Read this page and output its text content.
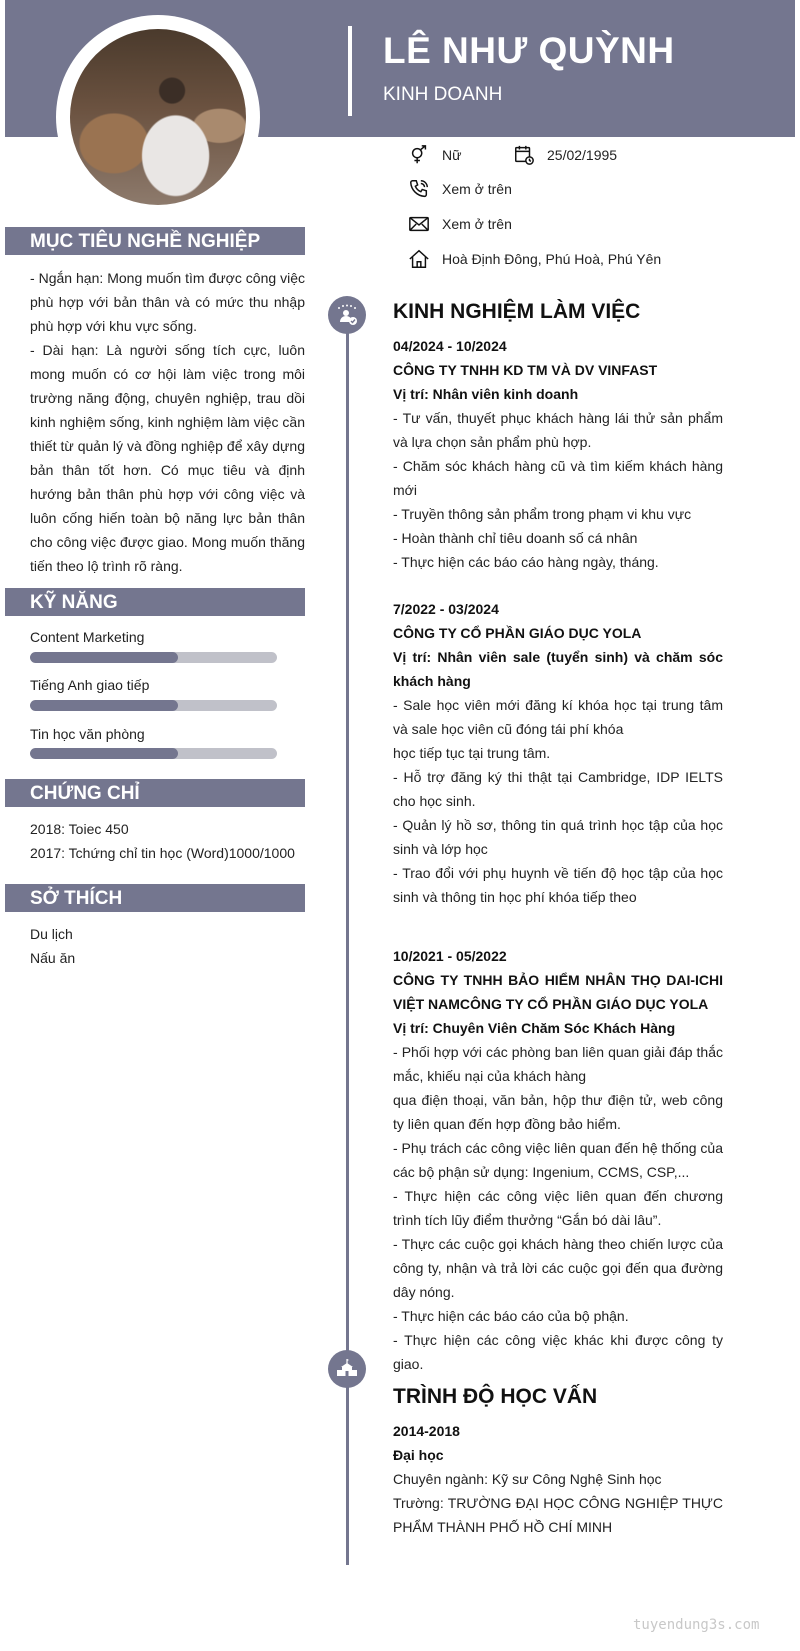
LÊ NHƯ QUỲNH
KINH DOANH
Nữ	25/02/1995
Xem ở trên
Xem ở trên
Hoà Định Đông, Phú Hoà, Phú Yên
MỤC TIÊU NGHỀ NGHIỆP

- Ngắn hạn: Mong muốn tìm được công việc phù hợp với bản thân và có mức thu nhập phù hợp với khu vực sống.

- Dài hạn: Là người sống tích cực, luôn mong muốn có cơ hội làm việc trong môi trường năng động, chuyên nghiệp, trau dồi kinh nghiệm sống, kinh nghiệm làm việc cần thiết từ quản lý và đồng nghiệp để xây dựng bản thân tốt hơn. Có mục tiêu và định hướng bản thân phù hợp với công việc và luôn cống hiến toàn bộ năng lực bản thân cho công việc được giao. Mong muốn thăng tiến theo lộ trình rõ ràng.

KỸ NĂNG
Content Marketing
Tiếng Anh giao tiếp
Tin học văn phòng
CHỨNG CHỈ
2018: Toiec 450
2017: Tchứng chỉ tin học (Word)1000/1000
SỞ THÍCH
Du lịch
Nấu ăn
KINH NGHIỆM LÀM VIỆC
04/2024 - 10/2024
CÔNG TY TNHH KD TM VÀ DV VINFAST
Vị trí: Nhân viên kinh doanh

- Tư vấn, thuyết phục khách hàng lái thử sản phẩm và lựa chọn sản phẩm phù hợp.

- Chăm sóc khách hàng cũ và tìm kiếm khách hàng mới

- Truyền thông sản phẩm trong phạm vi khu vực

- Hoàn thành chỉ tiêu doanh số cá nhân

- Thực hiện các báo cáo hàng ngày, tháng.

7/2022 - 03/2024
CÔNG TY CỔ PHẦN GIÁO DỤC YOLA

Vị trí: Nhân viên sale (tuyển sinh) và chăm sóc khách hàng

- Sale học viên mới đăng kí khóa học tại trung tâm và sale học viên cũ đóng tái phí khóa

học tiếp tục tại trung tâm.

- Hỗ trợ đăng ký thi thật tại Cambridge, IDP IELTS cho học sinh.

- Quản lý hồ sơ, thông tin quá trình học tập của học sinh và lớp học

- Trao đổi với phụ huynh về tiến độ học tập của học sinh và thông tin học phí khóa tiếp theo

10/2021 - 05/2022

CÔNG TY TNHH BẢO HIỂM NHÂN THỌ DAI-ICHI VIỆT NAMCÔNG TY CỔ PHẦN GIÁO DỤC YOLA

Vị trí: Chuyên Viên Chăm Sóc Khách Hàng

- Phối hợp với các phòng ban liên quan giải đáp thắc mắc, khiếu nại của khách hàng

qua điện thoại, văn bản, hộp thư điện tử, web công ty liên quan đến hợp đồng bảo hiểm.

- Phụ trách các công việc liên quan đến hệ thống của các bộ phận sử dụng: Ingenium, CCMS, CSP,...

- Thực hiện các công việc liên quan đến chương trình tích lũy điểm thưởng “Gắn bó dài lâu”.

- Thực các cuộc gọi khách hàng theo chiến lược của công ty, nhận và trả lời các cuộc gọi đến qua đường dây nóng.

- Thực hiện các báo cáo của bộ phận.

- Thực hiện các công việc khác khi được công ty giao.

TRÌNH ĐỘ HỌC VẤN
2014-2018
Đại học

Chuyên ngành: Kỹ sư Công Nghệ Sinh học

Trường: TRƯỜNG ĐẠI HỌC CÔNG NGHIỆP THỰC PHẨM THÀNH PHỐ HỒ CHÍ MINH

tuyendung3s.com
